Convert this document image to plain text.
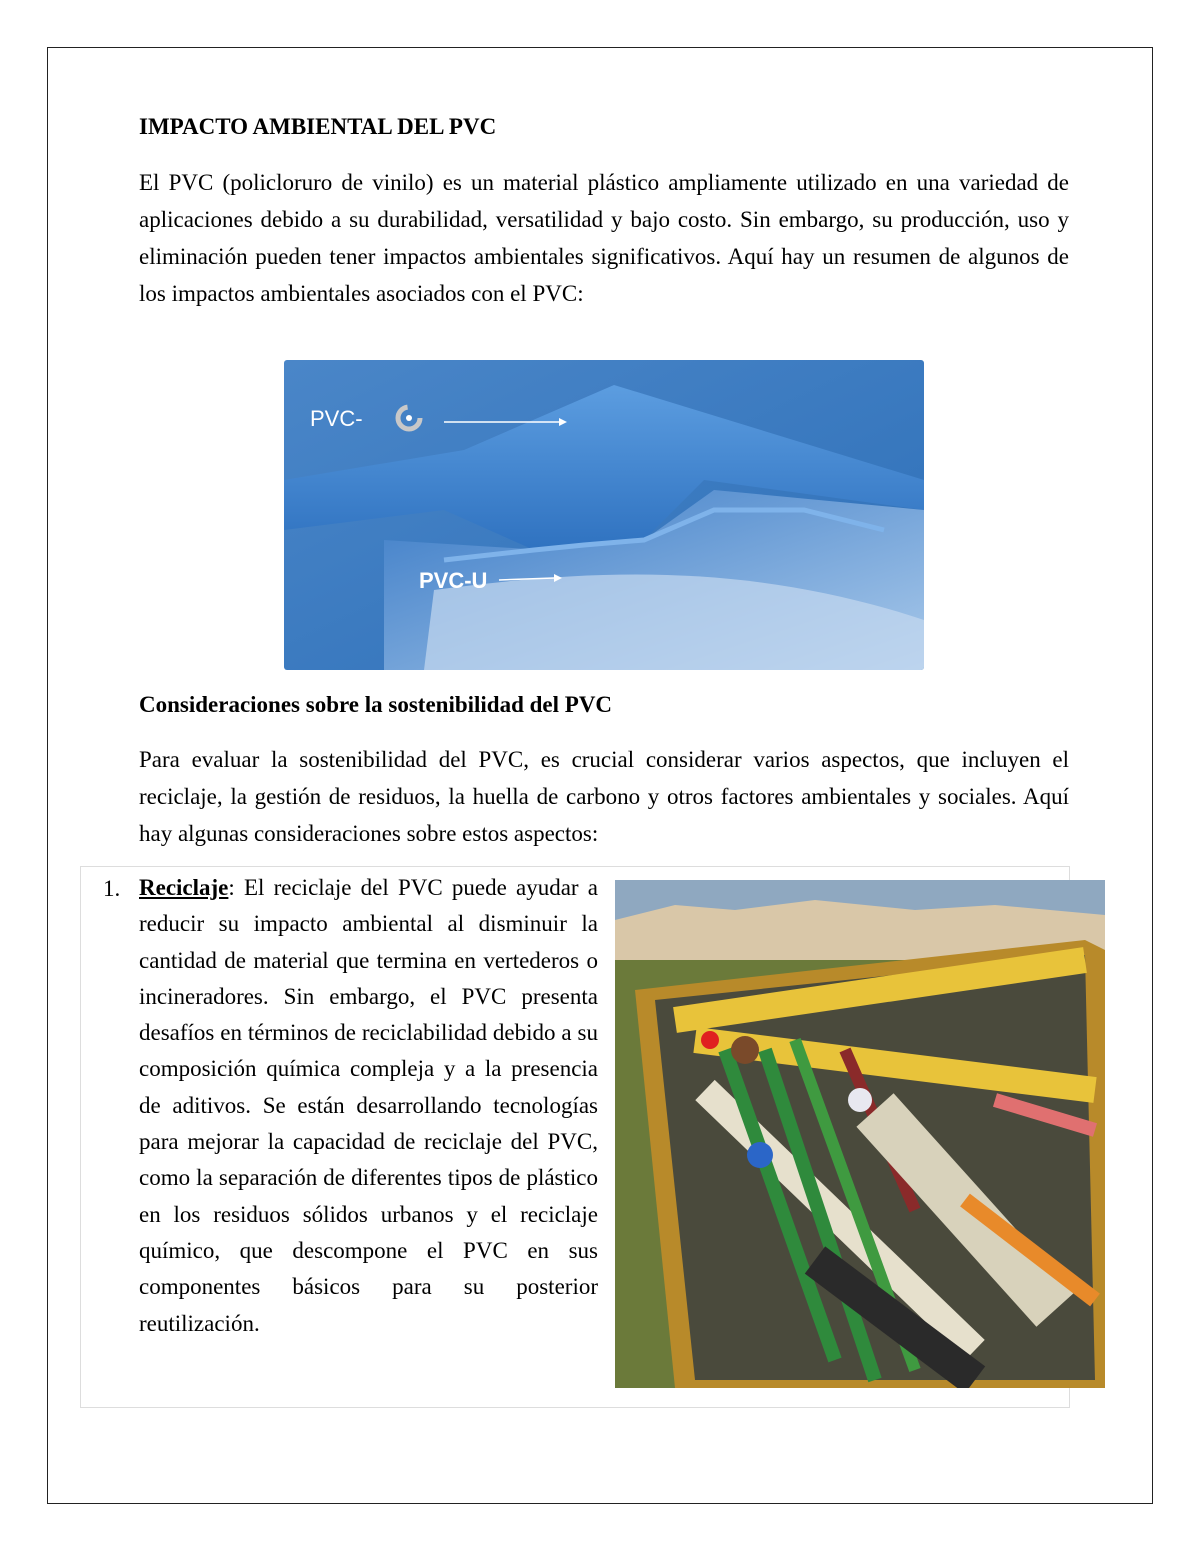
IMPACTO AMBIENTAL DEL PVC

El PVC (policloruro de vinilo) es un material plástico ampliamente utilizado en una variedad de aplicaciones debido a su durabilidad, versatilidad y bajo costo. Sin embargo, su producción, uso y eliminación pueden tener impactos ambientales significativos. Aquí hay un resumen de algunos de los impactos ambientales asociados con el PVC:

PVC-
PVC-U
Consideraciones sobre la sostenibilidad del PVC

Para evaluar la sostenibilidad del PVC, es crucial considerar varios aspectos, que incluyen el reciclaje, la gestión de residuos, la huella de carbono y otros factores ambientales y sociales. Aquí hay algunas consideraciones sobre estos aspectos:

1. Reciclaje: El reciclaje del PVC puede ayudar a reducir su impacto ambiental al disminuir la cantidad de material que termina en vertederos o incineradores. Sin embargo, el PVC presenta desafíos en términos de reciclabilidad debido a su composición química compleja y a la presencia de aditivos. Se están desarrollando tecnologías para mejorar la capacidad de reciclaje del PVC, como la separación de diferentes tipos de plástico en los residuos sólidos urbanos y el reciclaje químico, que descompone el PVC en sus componentes básicos para su posterior reutilización.
